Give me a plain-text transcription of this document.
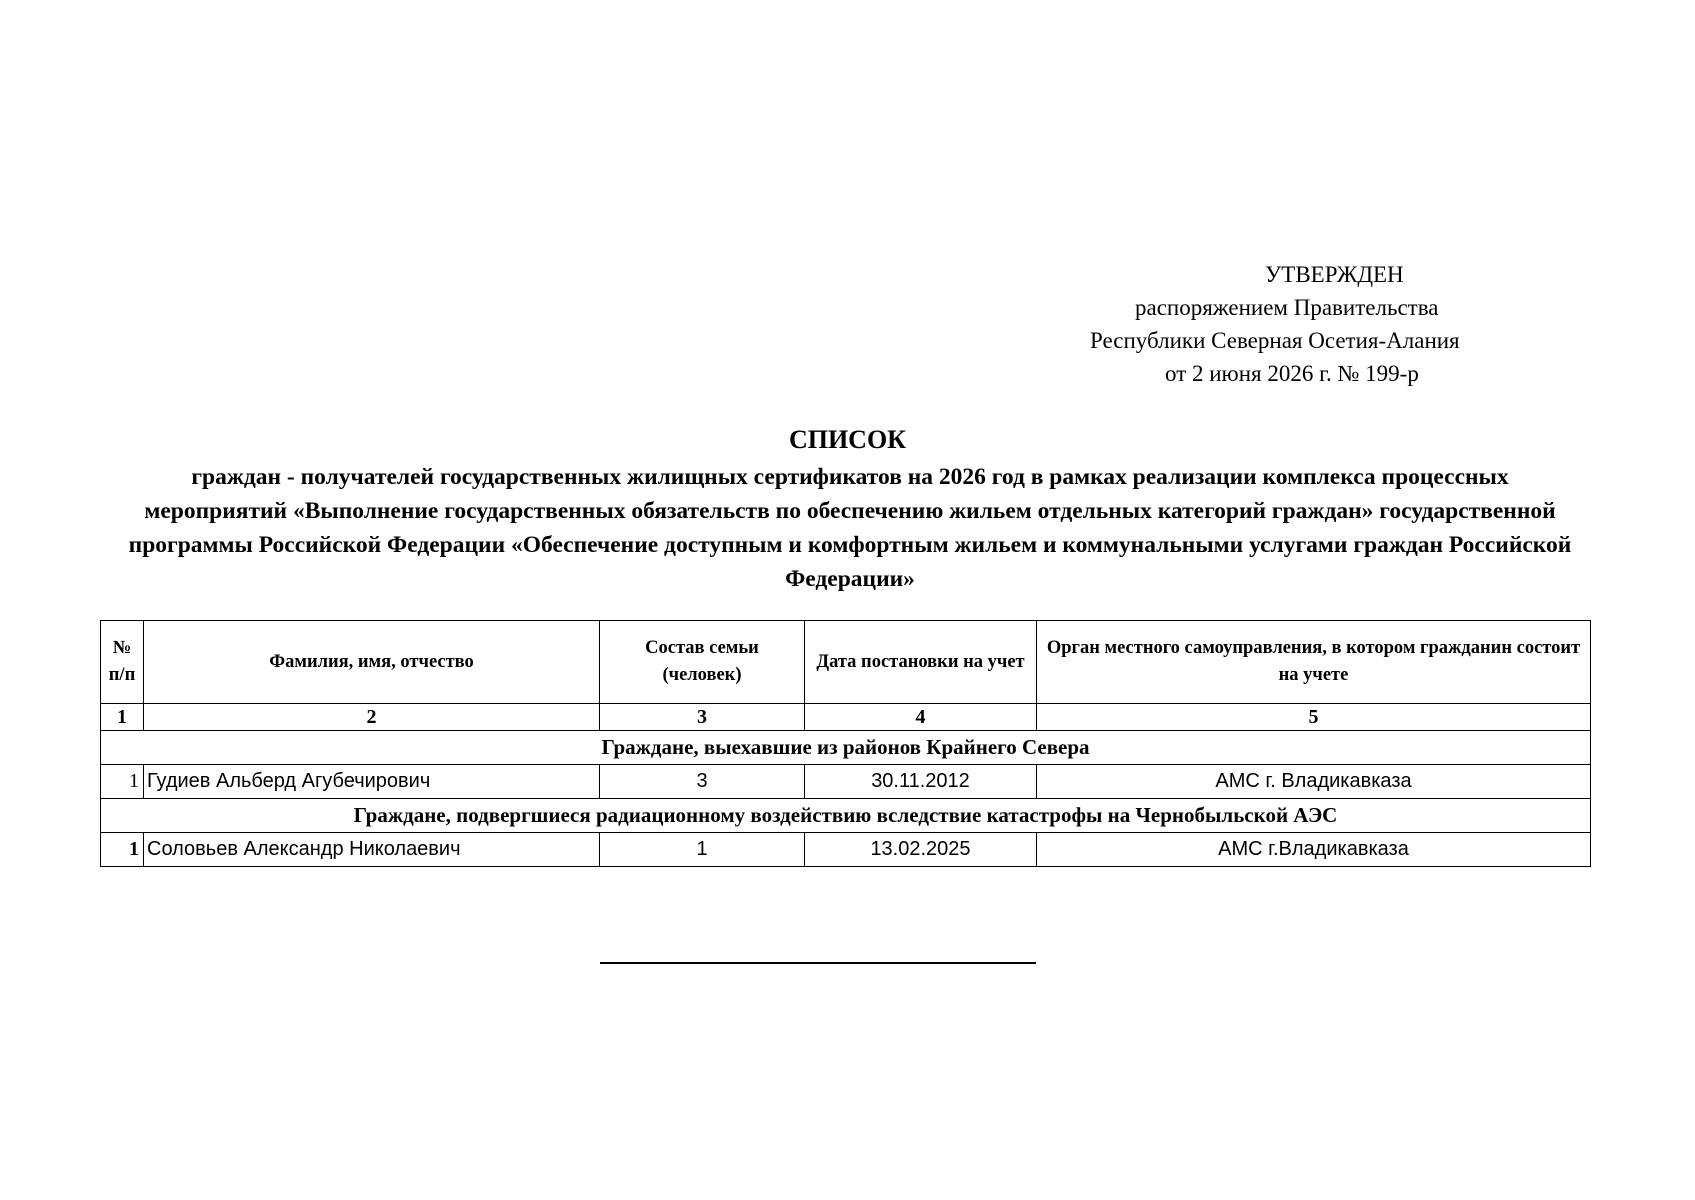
УТВЕРЖДЕН
распоряжением Правительства
Республики Северная Осетия-Алания
от 2 июня 2026 г. № 199-р
СПИСОК
граждан - получателей государственных жилищных сертификатов на 2026 год в рамках реализации комплекса процессных мероприятий «Выполнение государственных обязательств по обеспечению жильем отдельных категорий граждан» государственной программы Российской Федерации «Обеспечение доступным и комфортным жильем и коммунальными услугами граждан Российской Федерации»
№ п/п	Фамилия, имя, отчество	Состав семьи (человек)	Дата постановки на учет	Орган местного самоуправления, в котором гражданин состоит на учете
1	2	3	4	5
Граждане, выехавшие из районов Крайнего Севера				
1	Гудиев Альберд Агубечирович	3	30.11.2012	АМС г. Владикавказа
Граждане, подвергшиеся радиационному воздействию вследствие катастрофы на Чернобыльской АЭС				
1	Соловьев Александр Николаевич	1	13.02.2025	АМС г.Владикавказа
